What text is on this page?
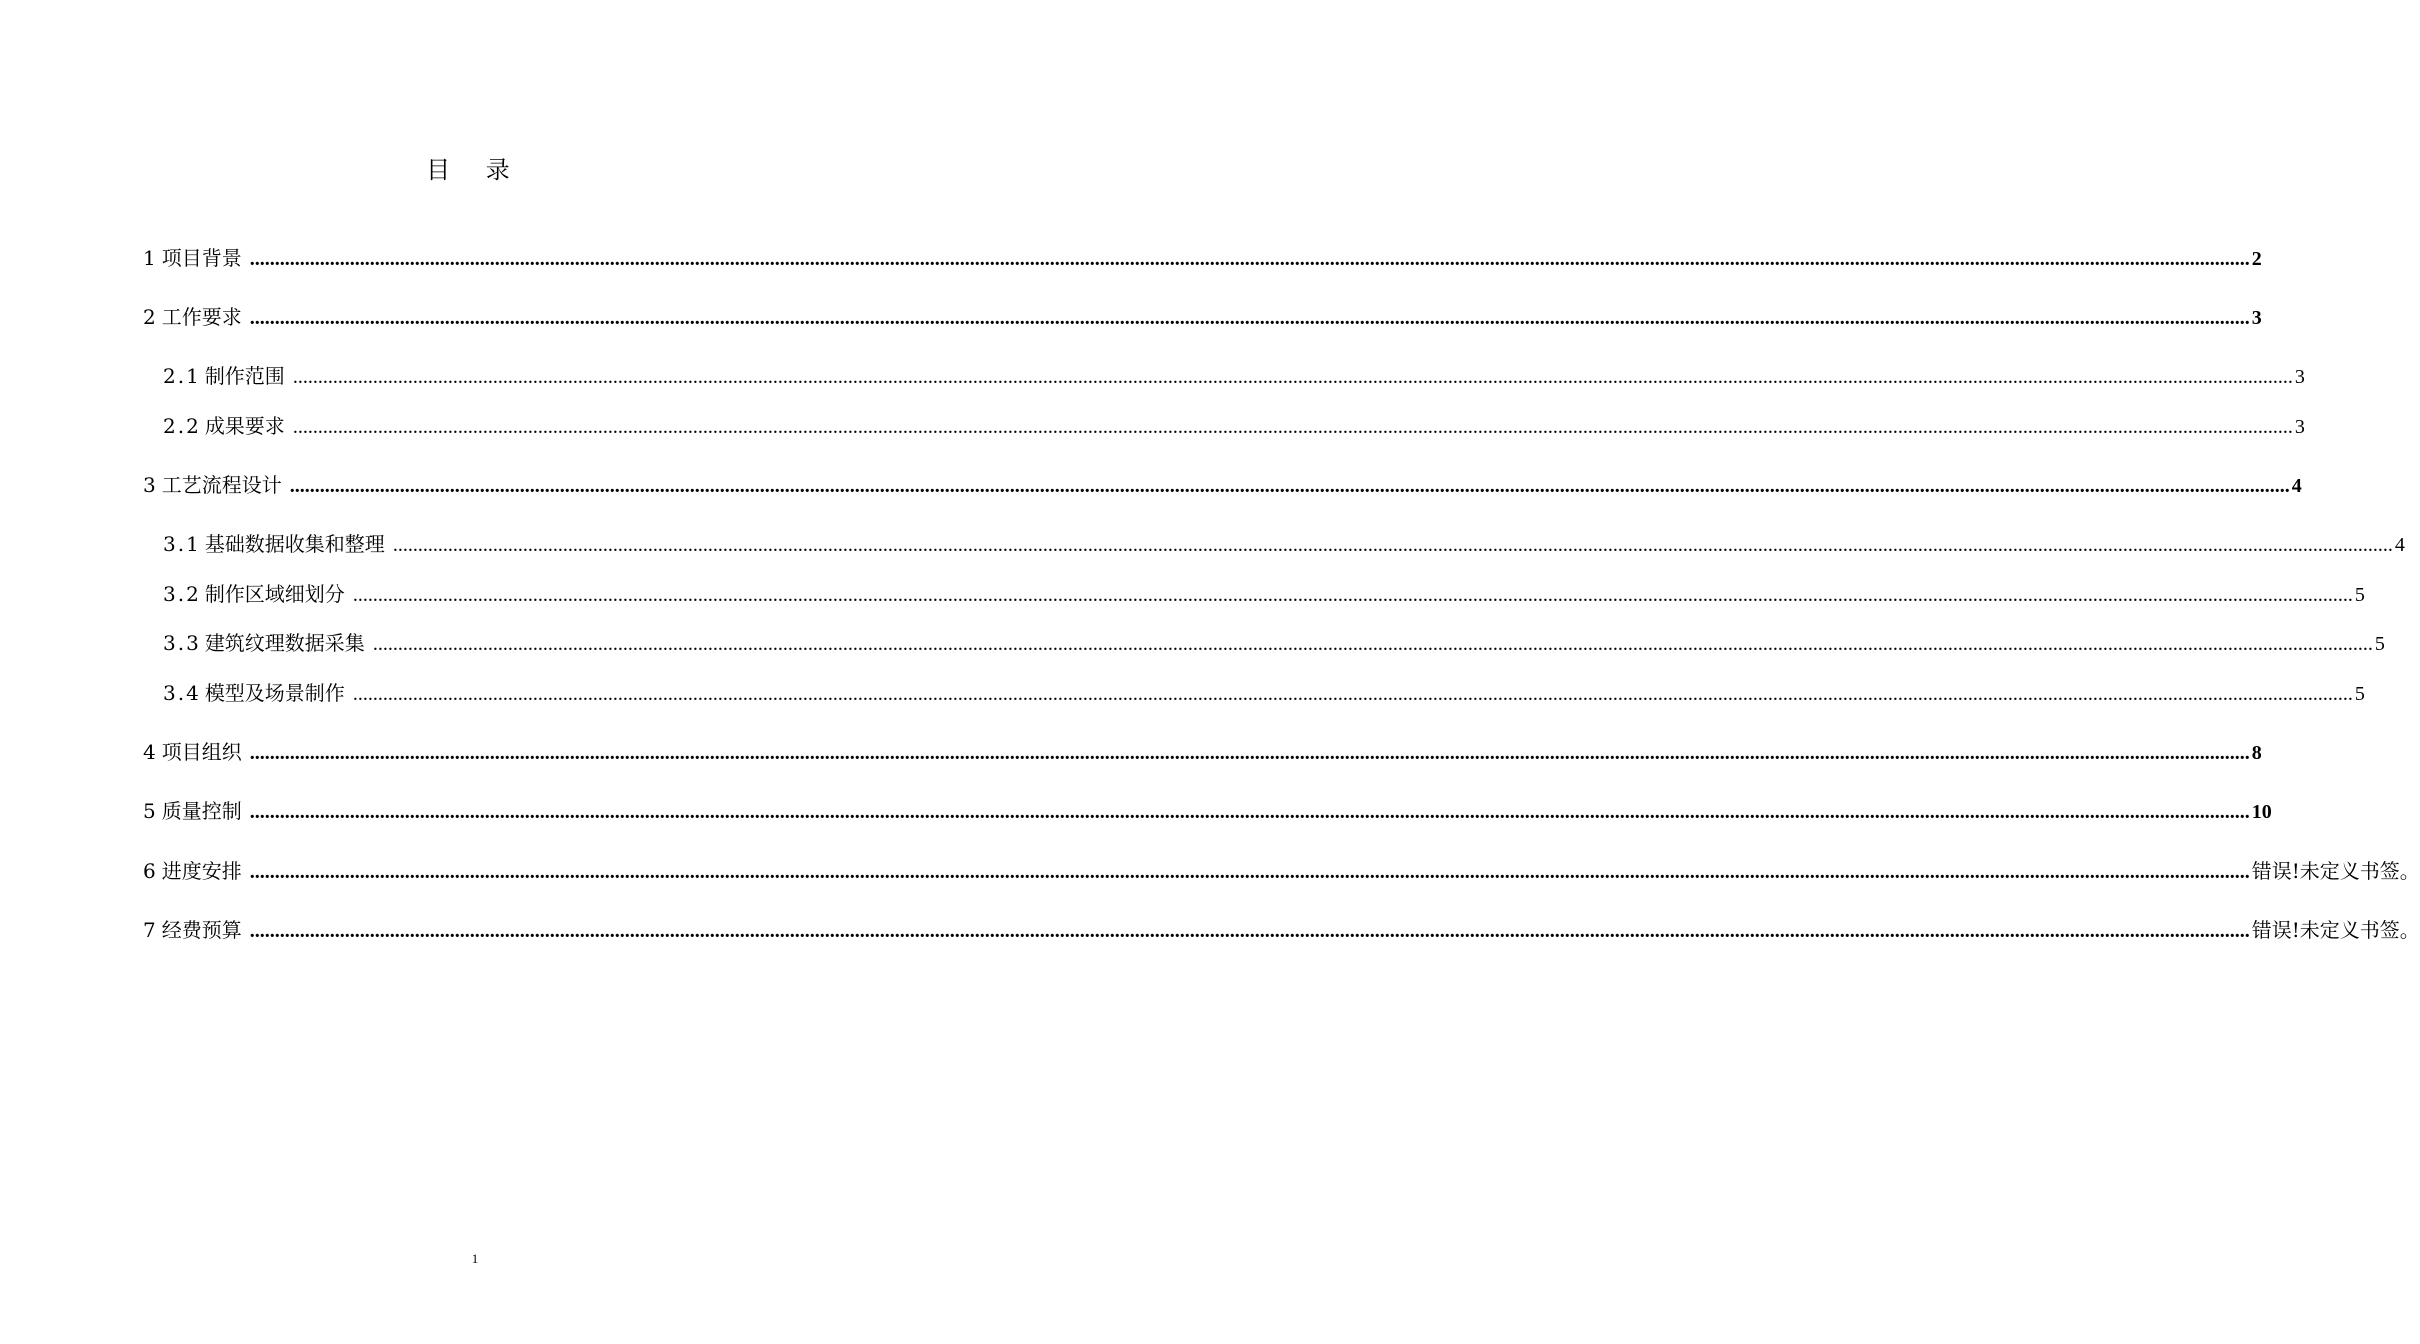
目 录
1 项目背景 ................................................................................................................................................................................................................................................................................................................................................................................................................ 2
2 工作要求 ................................................................................................................................................................................................................................................................................................................................................................................................................ 3
2.1 制作范围 ................................................................................................................................................................................................................................................................................................................................................................................................................ 3
2.2 成果要求 ................................................................................................................................................................................................................................................................................................................................................................................................................ 3
3 工艺流程设计 ................................................................................................................................................................................................................................................................................................................................................................................................................ 4
3.1 基础数据收集和整理 ................................................................................................................................................................................................................................................................................................................................................................................................................ 4
3.2 制作区域细划分 ................................................................................................................................................................................................................................................................................................................................................................................................................ 5
3.3 建筑纹理数据采集 ................................................................................................................................................................................................................................................................................................................................................................................................................ 5
3.4 模型及场景制作 ................................................................................................................................................................................................................................................................................................................................................................................................................ 5
4 项目组织 ................................................................................................................................................................................................................................................................................................................................................................................................................ 8
5 质量控制 ................................................................................................................................................................................................................................................................................................................................................................................................................ 10
6 进度安排 ................................................................................................................................................................................................................................................................................................................................................................................................................ 错误!未定义书签。
7 经费预算 ................................................................................................................................................................................................................................................................................................................................................................................................................ 错误!未定义书签。
1
